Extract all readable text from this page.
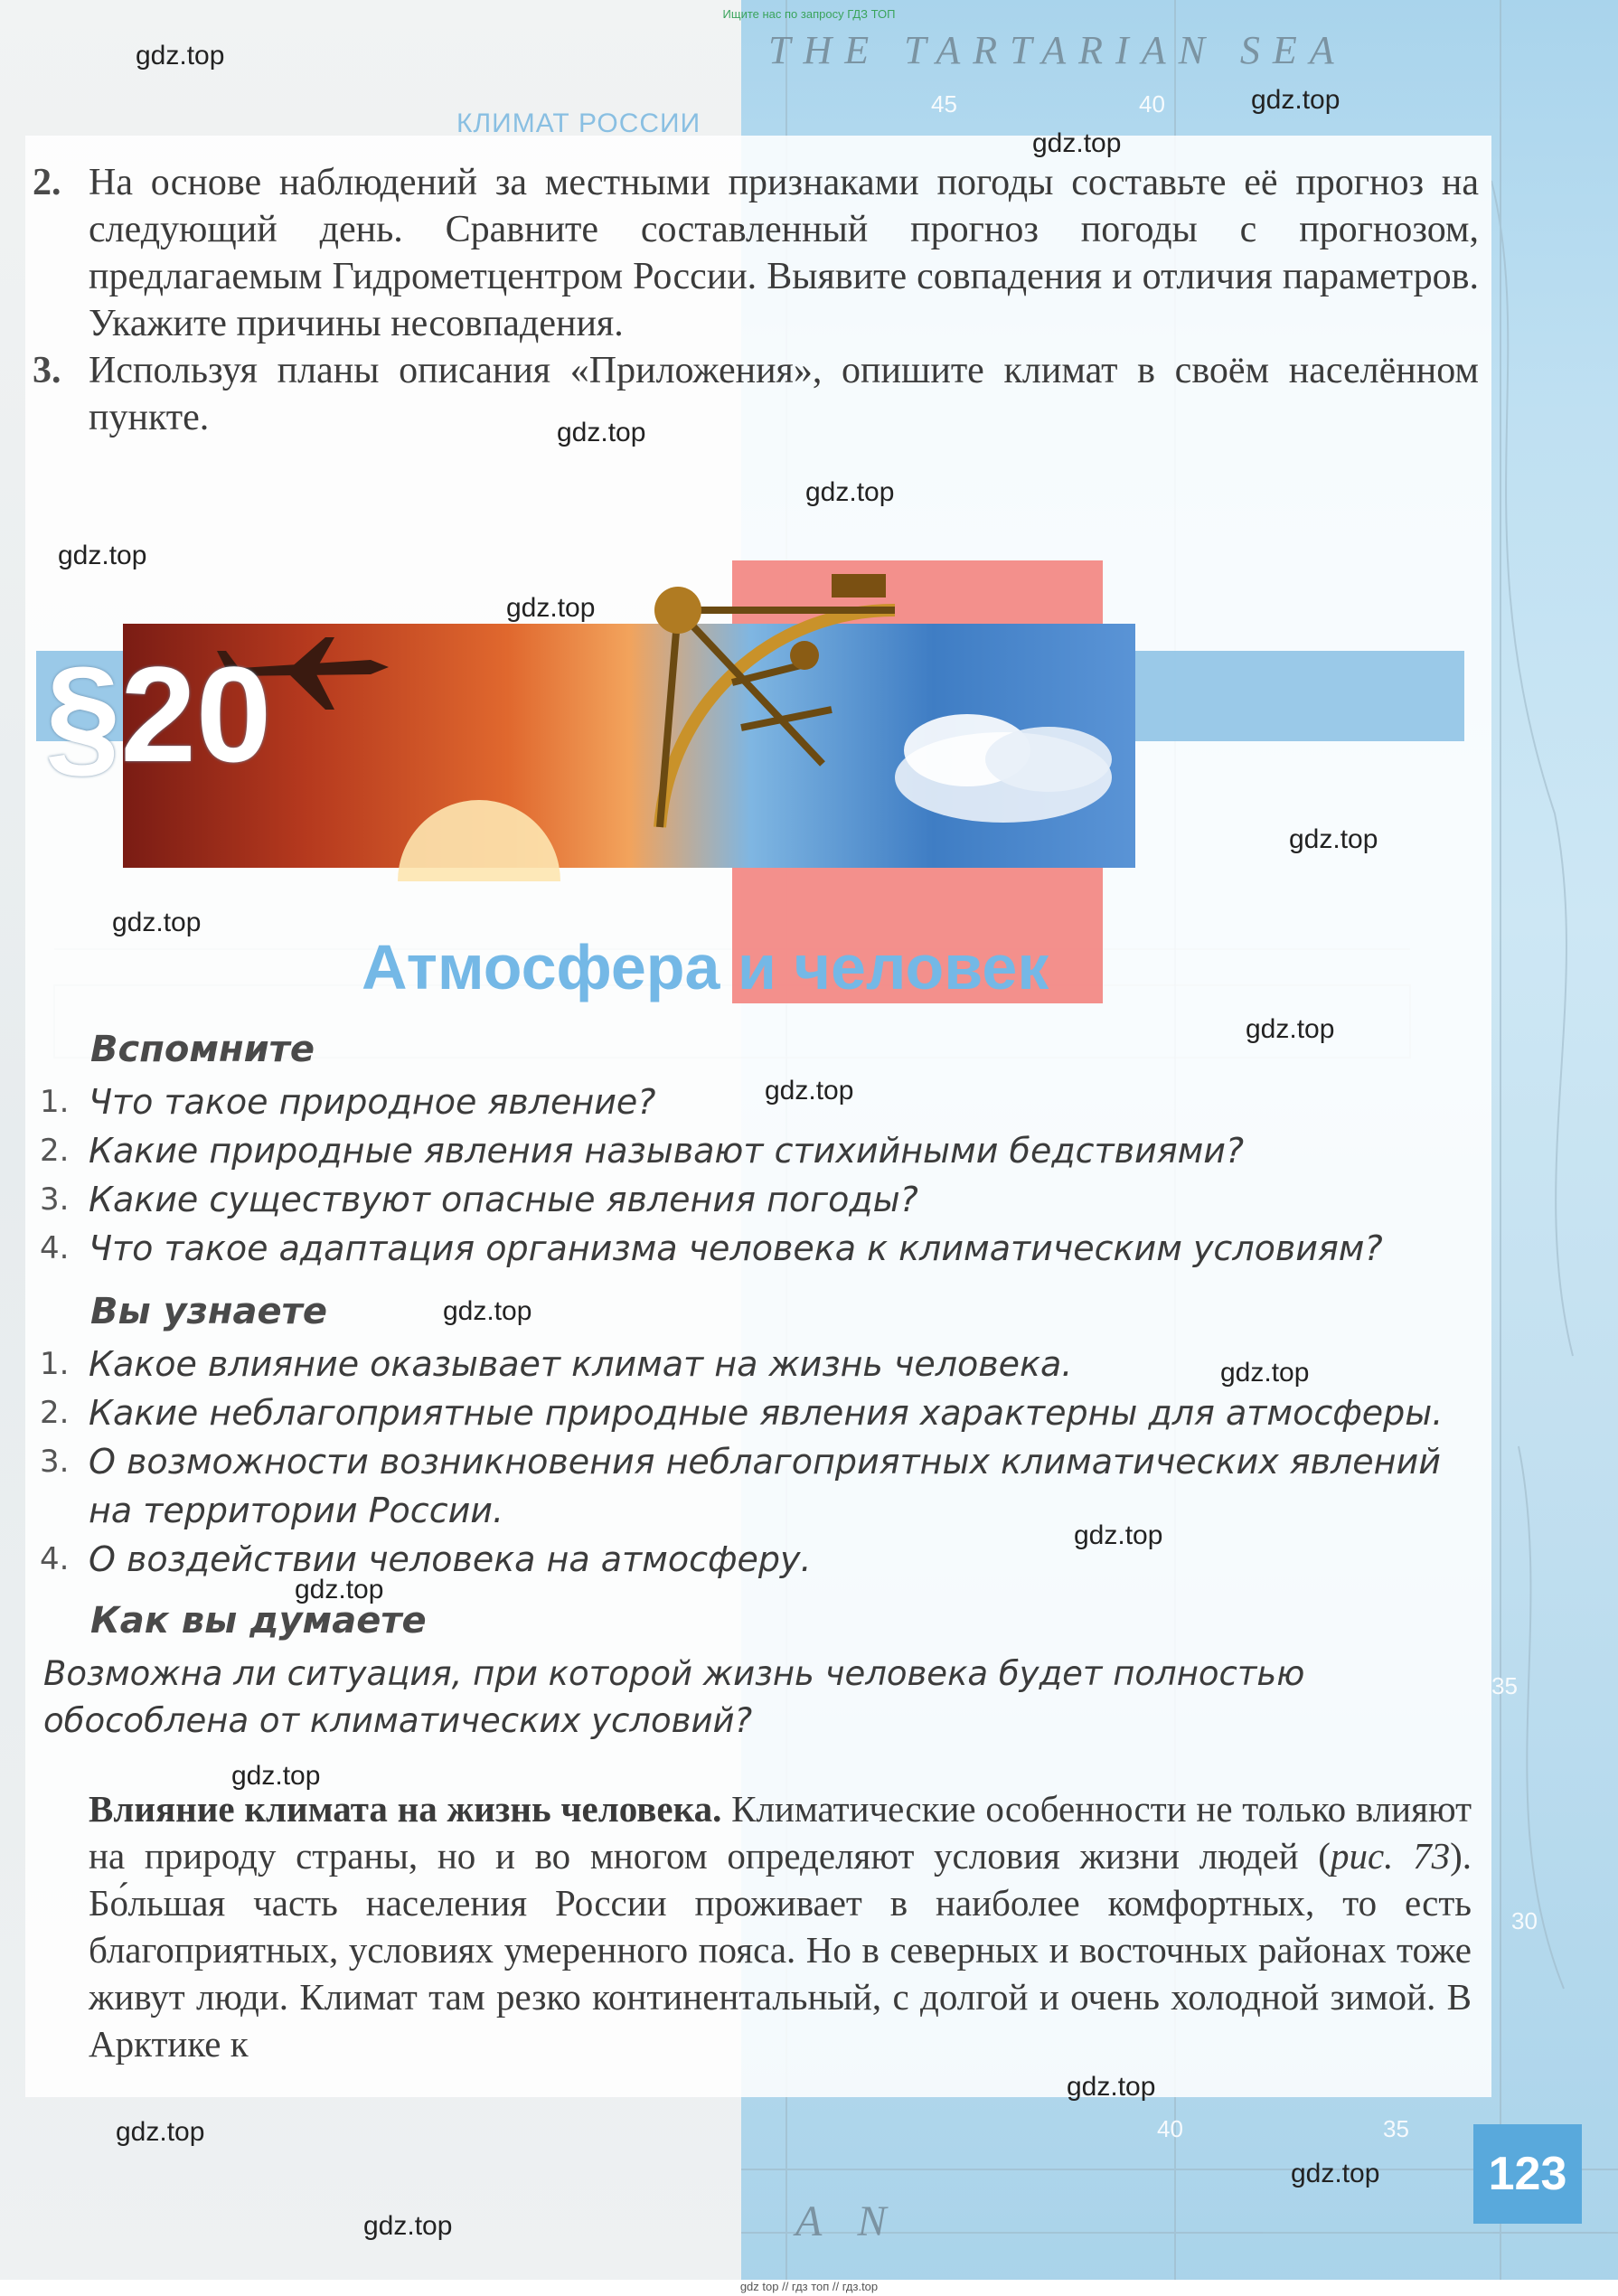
THE TARTARIAN SEA
Ищите нас по запросу ГДЗ ТОП
КЛИМАТ РОССИИ

2. На основе наблюдений за местными признаками погоды составьте её прогноз на следующий день. Сравните составленный прогноз погоды с прогнозом, предлагаемым Гидрометцентром России. Выявите совпадения и отличия параметров. Укажите причины несовпадения.

3. Используя планы описания «Приложения», опишите климат в своём населённом пункте.

§20
Атмосфера и человек
Вспомните
1. Что такое природное явление?
2. Какие природные явления называют стихийными бедствиями?
3. Какие существуют опасные явления погоды?
4. Что такое адаптация организма человека к климатическим условиям?
Вы узнаете
1. Какое влияние оказывает климат на жизнь человека.
2. Какие неблагоприятные природные явления характерны для атмосферы.
3. О возможности возникновения неблагоприятных климатических явлений на территории России.
4. О воздействии человека на атмосферу.
Как вы думаете
Возможна ли ситуация, при которой жизнь человека будет полностью обособлена от климатических условий?
Влияние климата на жизнь человека. Климатические особенности не только влияют на природу страны, но и во многом определяют условия жизни людей (рис. 73). Бо́льшая часть населения России проживает в наиболее комфортных, то есть благоприятных, условиях умеренного пояса. Но в северных и восточных районах тоже живут люди. Климат там резко континентальный, с долгой и очень холодной зимой. В Арктике к
123
35
30
40	35
40
45
A N
gdz.top
gdz.top
gdz.top
gdz.top
gdz.top
gdz.top
gdz.top
gdz.top
gdz.top
gdz.top
gdz.top
gdz.top
gdz.top
gdz.top
gdz.top
gdz.top
gdz.top
gdz.top
gdz.top
gdz.top
gdz top // гдз топ // гдз.top
